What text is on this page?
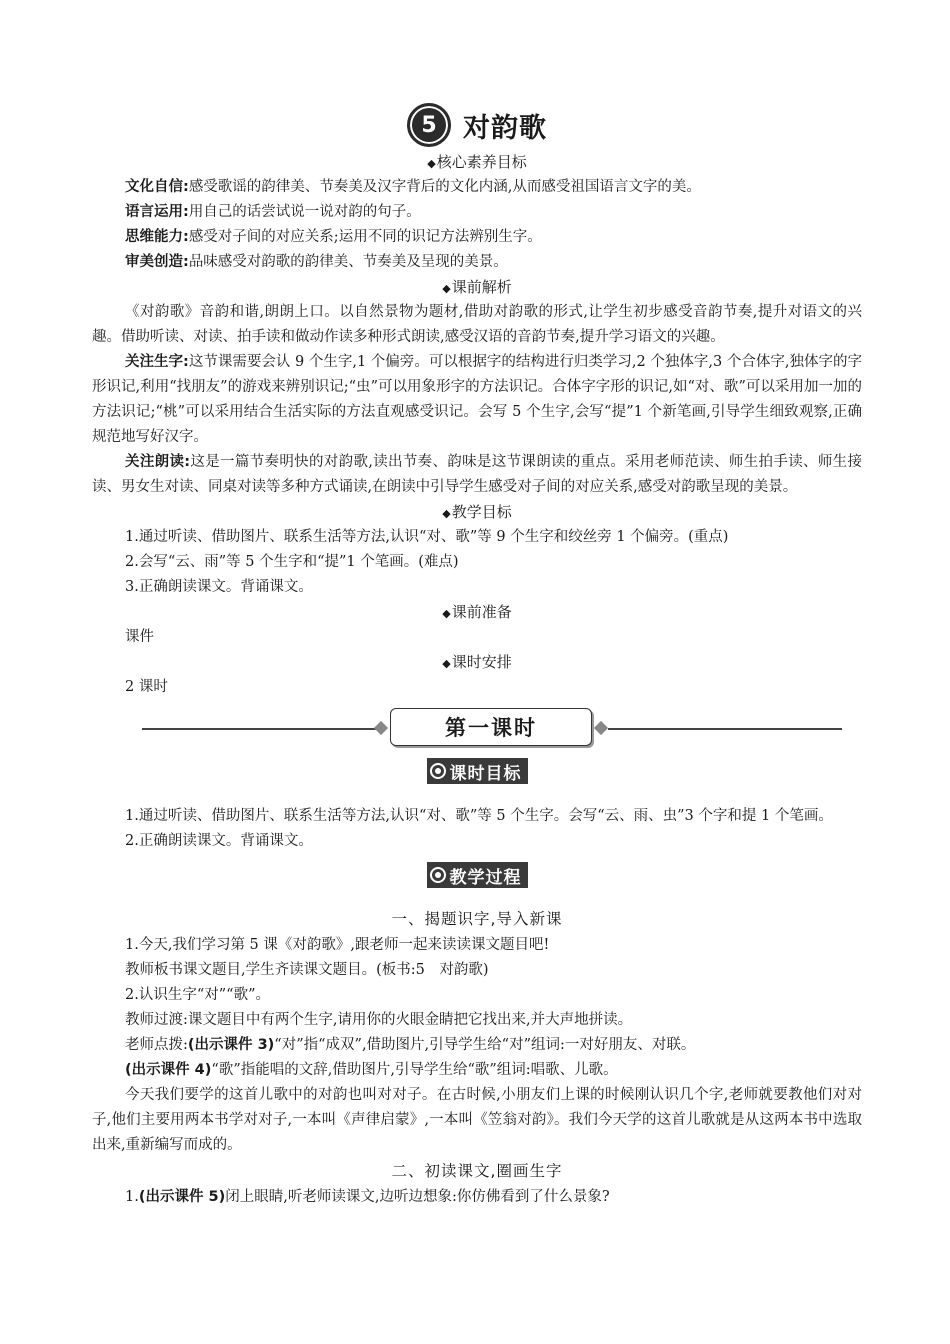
5 对韵歌
◆核心素养目标
文化自信:感受歌谣的韵律美、节奏美及汉字背后的文化内涵,从而感受祖国语言文字的美。
语言运用:用自己的话尝试说一说对韵的句子。
思维能力:感受对子间的对应关系;运用不同的识记方法辨别生字。
审美创造:品味感受对韵歌的韵律美、节奏美及呈现的美景。
◆课前解析
《对韵歌》音韵和谐,朗朗上口。以自然景物为题材,借助对韵歌的形式,让学生初步感受音韵节奏,提升对语文的兴趣。借助听读、对读、拍手读和做动作读多种形式朗读,感受汉语的音韵节奏,提升学习语文的兴趣。
关注生字:这节课需要会认 9 个生字,1 个偏旁。可以根据字的结构进行归类学习,2 个独体字,3 个合体字,独体字的字形识记,利用“找朋友”的游戏来辨别识记;“虫”可以用象形字的方法识记。合体字字形的识记,如“对、歌”可以采用加一加的方法识记;“桃”可以采用结合生活实际的方法直观感受识记。会写 5 个生字,会写“提”1 个新笔画,引导学生细致观察,正确规范地写好汉字。
关注朗读:这是一篇节奏明快的对韵歌,读出节奏、韵味是这节课朗读的重点。采用老师范读、师生拍手读、师生接读、男女生对读、同桌对读等多种方式诵读,在朗读中引导学生感受对子间的对应关系,感受对韵歌呈现的美景。
◆教学目标
1.通过听读、借助图片、联系生活等方法,认识“对、歌”等 9 个生字和绞丝旁 1 个偏旁。(重点)
2.会写“云、雨”等 5 个生字和“提”1 个笔画。(难点)
3.正确朗读课文。背诵课文。
◆课前准备
课件
◆课时安排
2 课时
第一课时
课时目标
1.通过听读、借助图片、联系生活等方法,认识“对、歌”等 5 个生字。会写“云、雨、虫”3 个字和提 1 个笔画。
2.正确朗读课文。背诵课文。
教学过程
一、揭题识字,导入新课
1.今天,我们学习第 5 课《对韵歌》,跟老师一起来读读课文题目吧!
教师板书课文题目,学生齐读课文题目。(板书:5　对韵歌)
2.认识生字“对”“歌”。
教师过渡:课文题目中有两个生字,请用你的火眼金睛把它找出来,并大声地拼读。
老师点拨:(出示课件 3)“对”指“成双”,借助图片,引导学生给“对”组词:一对好朋友、对联。
(出示课件 4)“歌”指能唱的文辞,借助图片,引导学生给“歌”组词:唱歌、儿歌。
今天我们要学的这首儿歌中的对韵也叫对对子。在古时候,小朋友们上课的时候刚认识几个字,老师就要教他们对对子,他们主要用两本书学对对子,一本叫《声律启蒙》,一本叫《笠翁对韵》。我们今天学的这首儿歌就是从这两本书中选取出来,重新编写而成的。
二、初读课文,圈画生字
1.(出示课件 5)闭上眼睛,听老师读课文,边听边想象:你仿佛看到了什么景象?
